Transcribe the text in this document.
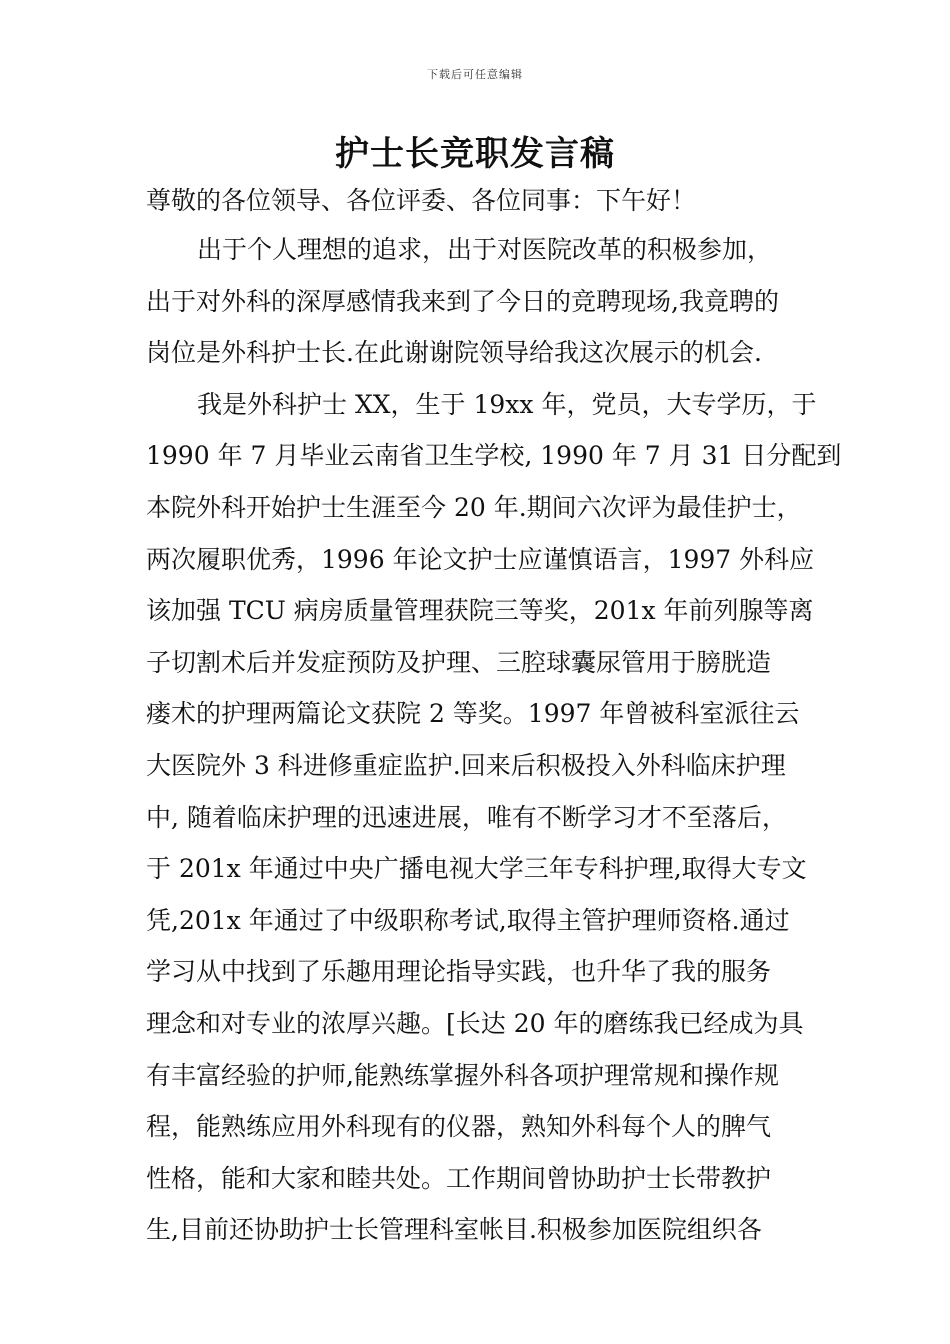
下载后可任意编辑
护士长竞职发言稿
尊敬的各位领导、各位评委、各位同事：下午好！
出于个人理想的追求，出于对医院改革的积极参加，
出于对外科的深厚感情我来到了今日的竞聘现场,我竟聘的
岗位是外科护士长.在此谢谢院领导给我这次展示的机会.
我是外科护士 XX，生于 19xx 年，党员，大专学历，于
1990 年 7 月毕业云南省卫生学校, 1990 年 7 月 31 日分配到
本院外科开始护士生涯至今 20 年.期间六次评为最佳护士，
两次履职优秀，1996 年论文护士应谨慎语言，1997 外科应
该加强 TCU 病房质量管理获院三等奖，201x 年前列腺等离
子切割术后并发症预防及护理、三腔球囊尿管用于膀胱造
瘘术的护理两篇论文获院 2 等奖。1997 年曾被科室派往云
大医院外 3 科进修重症监护.回来后积极投入外科临床护理
中, 随着临床护理的迅速进展，唯有不断学习才不至落后，
于 201x 年通过中央广播电视大学三年专科护理,取得大专文
凭,201x 年通过了中级职称考试,取得主管护理师资格.通过
学习从中找到了乐趣用理论指导实践，也升华了我的服务
理念和对专业的浓厚兴趣。[长达 20 年的磨练我已经成为具
有丰富经验的护师,能熟练掌握外科各项护理常规和操作规
程，能熟练应用外科现有的仪器，熟知外科每个人的脾气
性格，能和大家和睦共处。工作期间曾协助护士长带教护
生,目前还协助护士长管理科室帐目.积极参加医院组织各
